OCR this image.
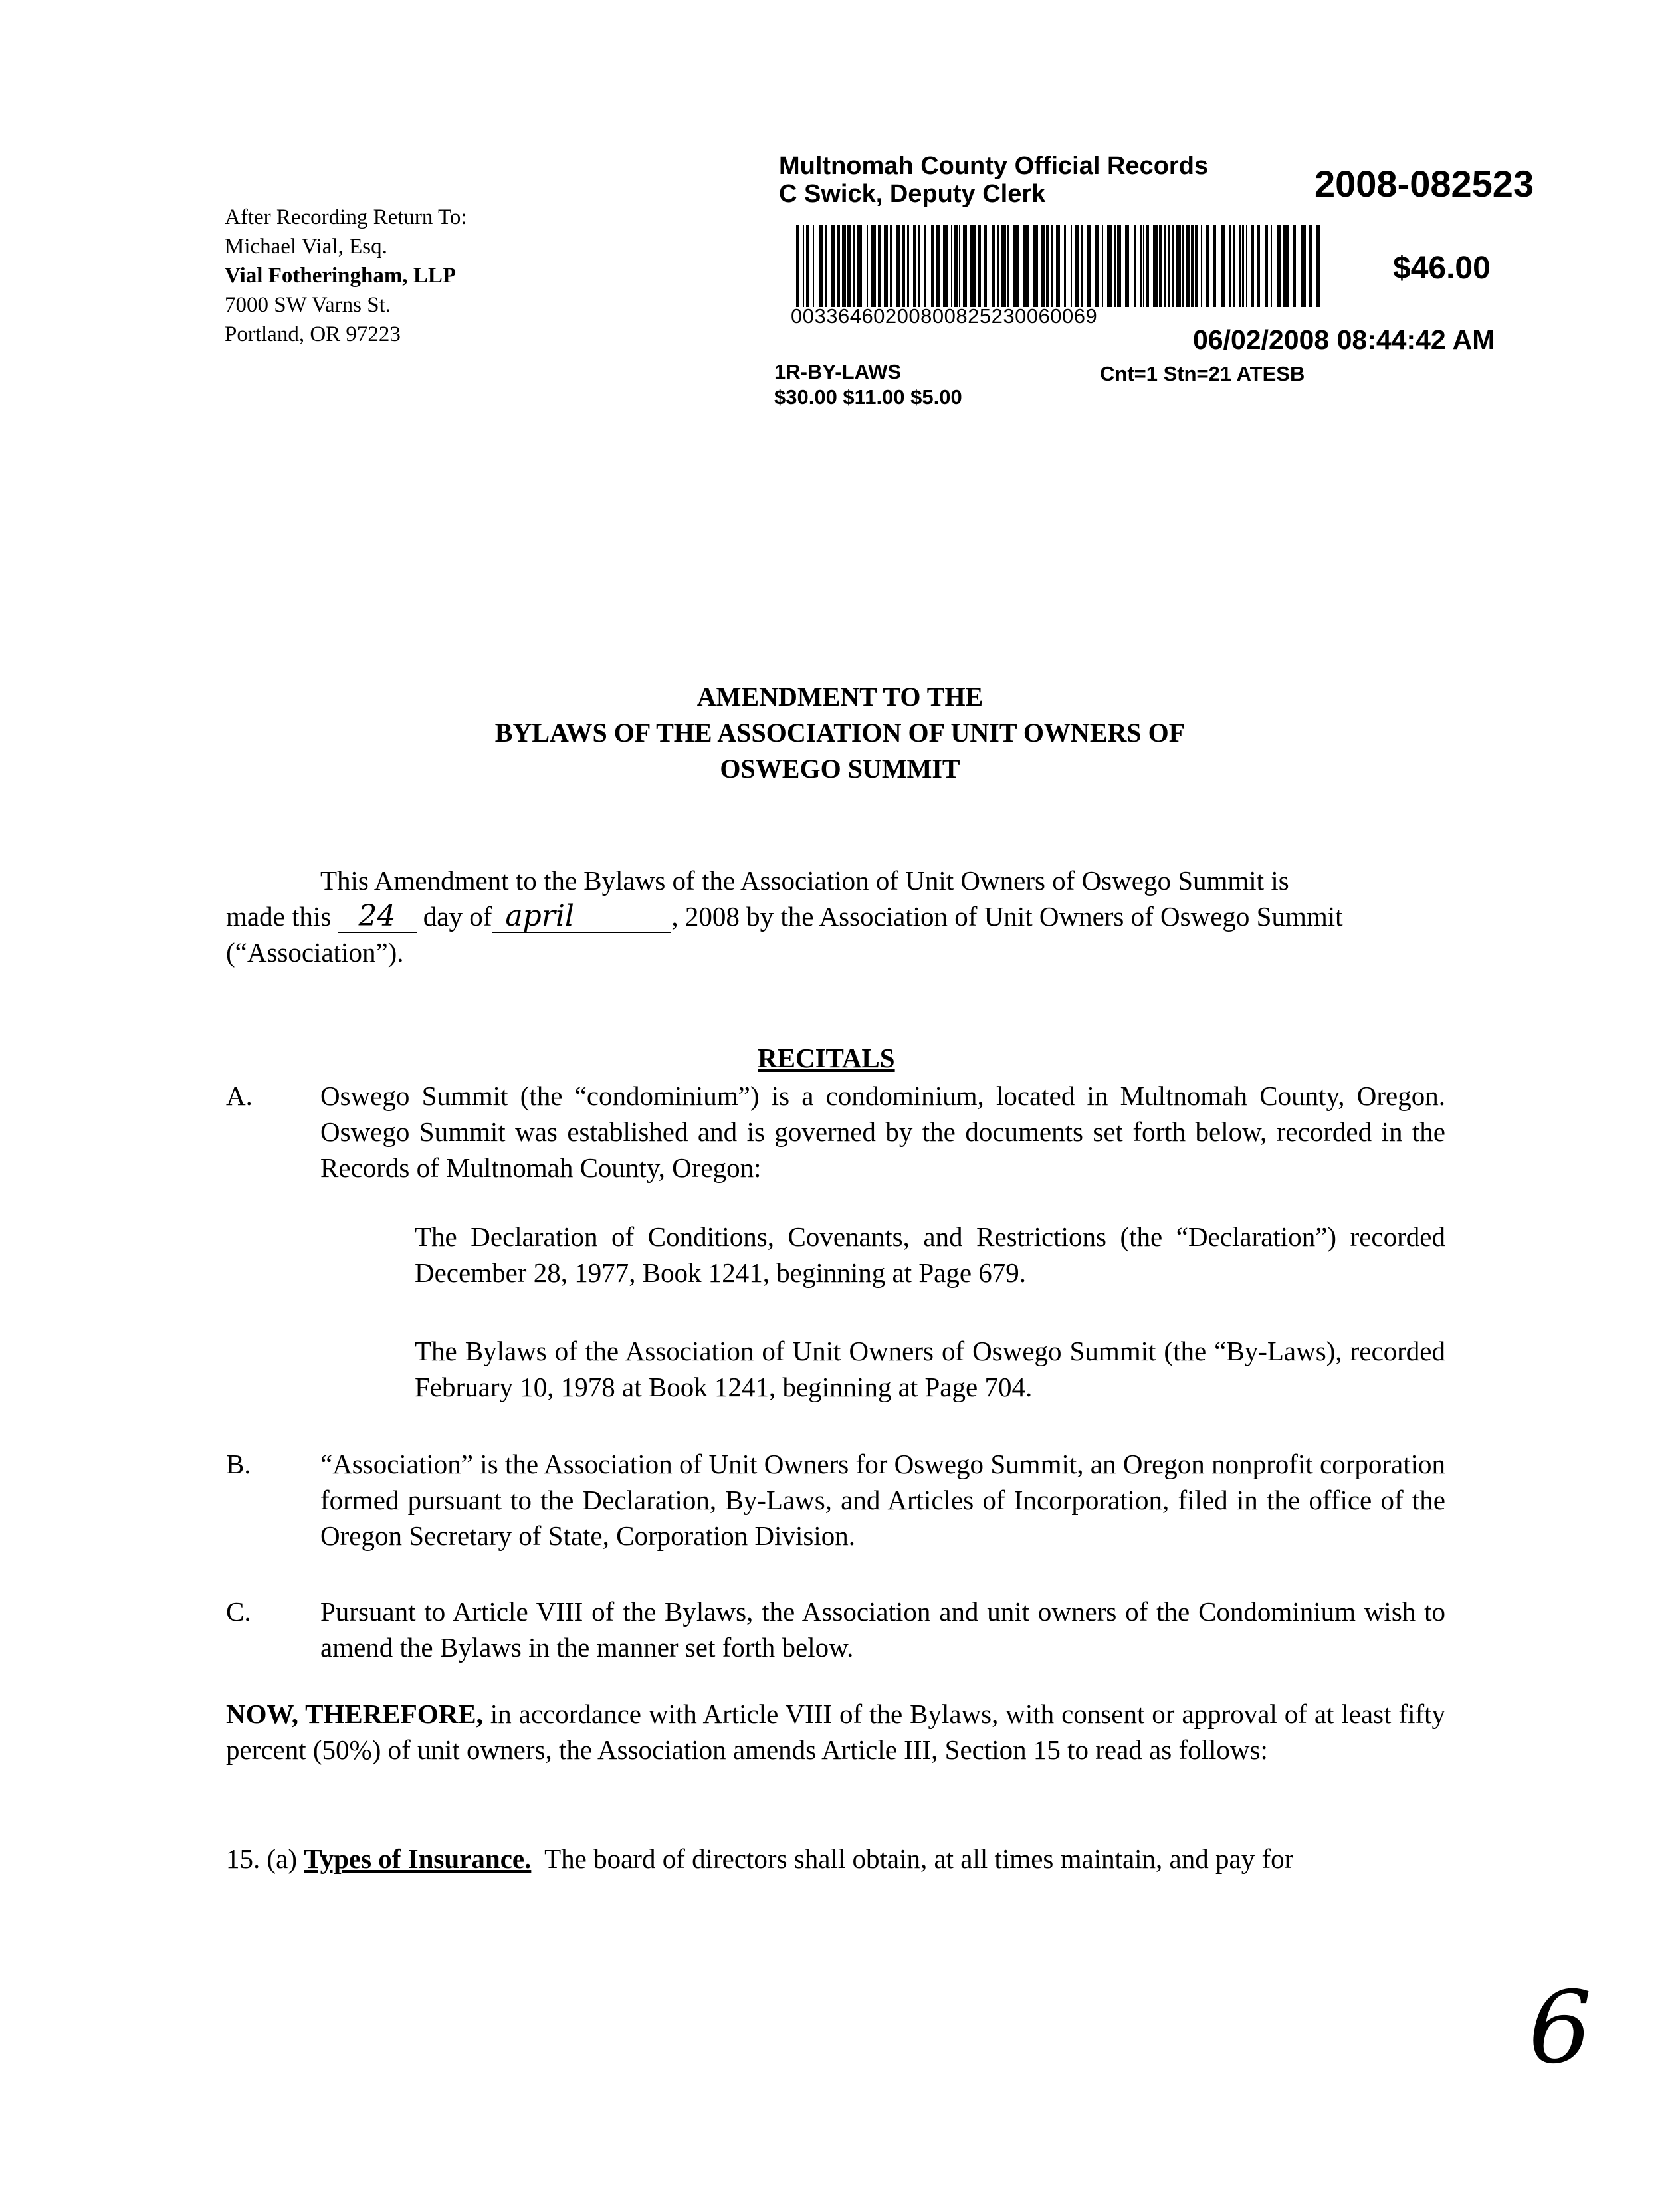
Multnomah County Official Records
C Swick, Deputy Clerk	2008-082523
00336460200800825230060069
$46.00
06/02/2008 08:44:42 AM
1R-BY-LAWS	Cnt=1 Stn=21 ATESB
$30.00 $11.00 $5.00
After Recording Return To:
Michael Vial, Esq.
Vial Fotheringham, LLP
7000 SW Varns St.
Portland, OR 97223
AMENDMENT TO THE
BYLAWS OF THE ASSOCIATION OF UNIT OWNERS OF
OSWEGO SUMMIT
This Amendment to the Bylaws of the Association of Unit Owners of Oswego Summit is
made this 24 day of april	, 2008 by the Association of Unit Owners of Oswego Summit
(“Association”).
RECITALS
A. Oswego Summit (the “condominium”) is a condominium, located in Multnomah County, Oregon. Oswego Summit was established and is governed by the documents set forth below, recorded in the Records of Multnomah County, Oregon:
The Declaration of Conditions, Covenants, and Restrictions (the “Declaration”) recorded December 28, 1977, Book 1241, beginning at Page 679.
The Bylaws of the Association of Unit Owners of Oswego Summit (the “By-Laws), recorded February 10, 1978 at Book 1241, beginning at Page 704.
B.	“Association” is the Association of Unit Owners for Oswego Summit, an Oregon nonprofit corporation formed pursuant to the Declaration, By-Laws, and Articles of Incorporation, filed in the office of the Oregon Secretary of State, Corporation Division.
C.	Pursuant to Article VIII of the Bylaws, the Association and unit owners of the Condominium wish to amend the Bylaws in the manner set forth below.
NOW, THEREFORE, in accordance with Article VIII of the Bylaws, with consent or approval of at least fifty percent (50%) of unit owners, the Association amends Article III, Section 15 to read as follows:
15. (a) Types of Insurance.  The board of directors shall obtain, at all times maintain, and pay for
6
